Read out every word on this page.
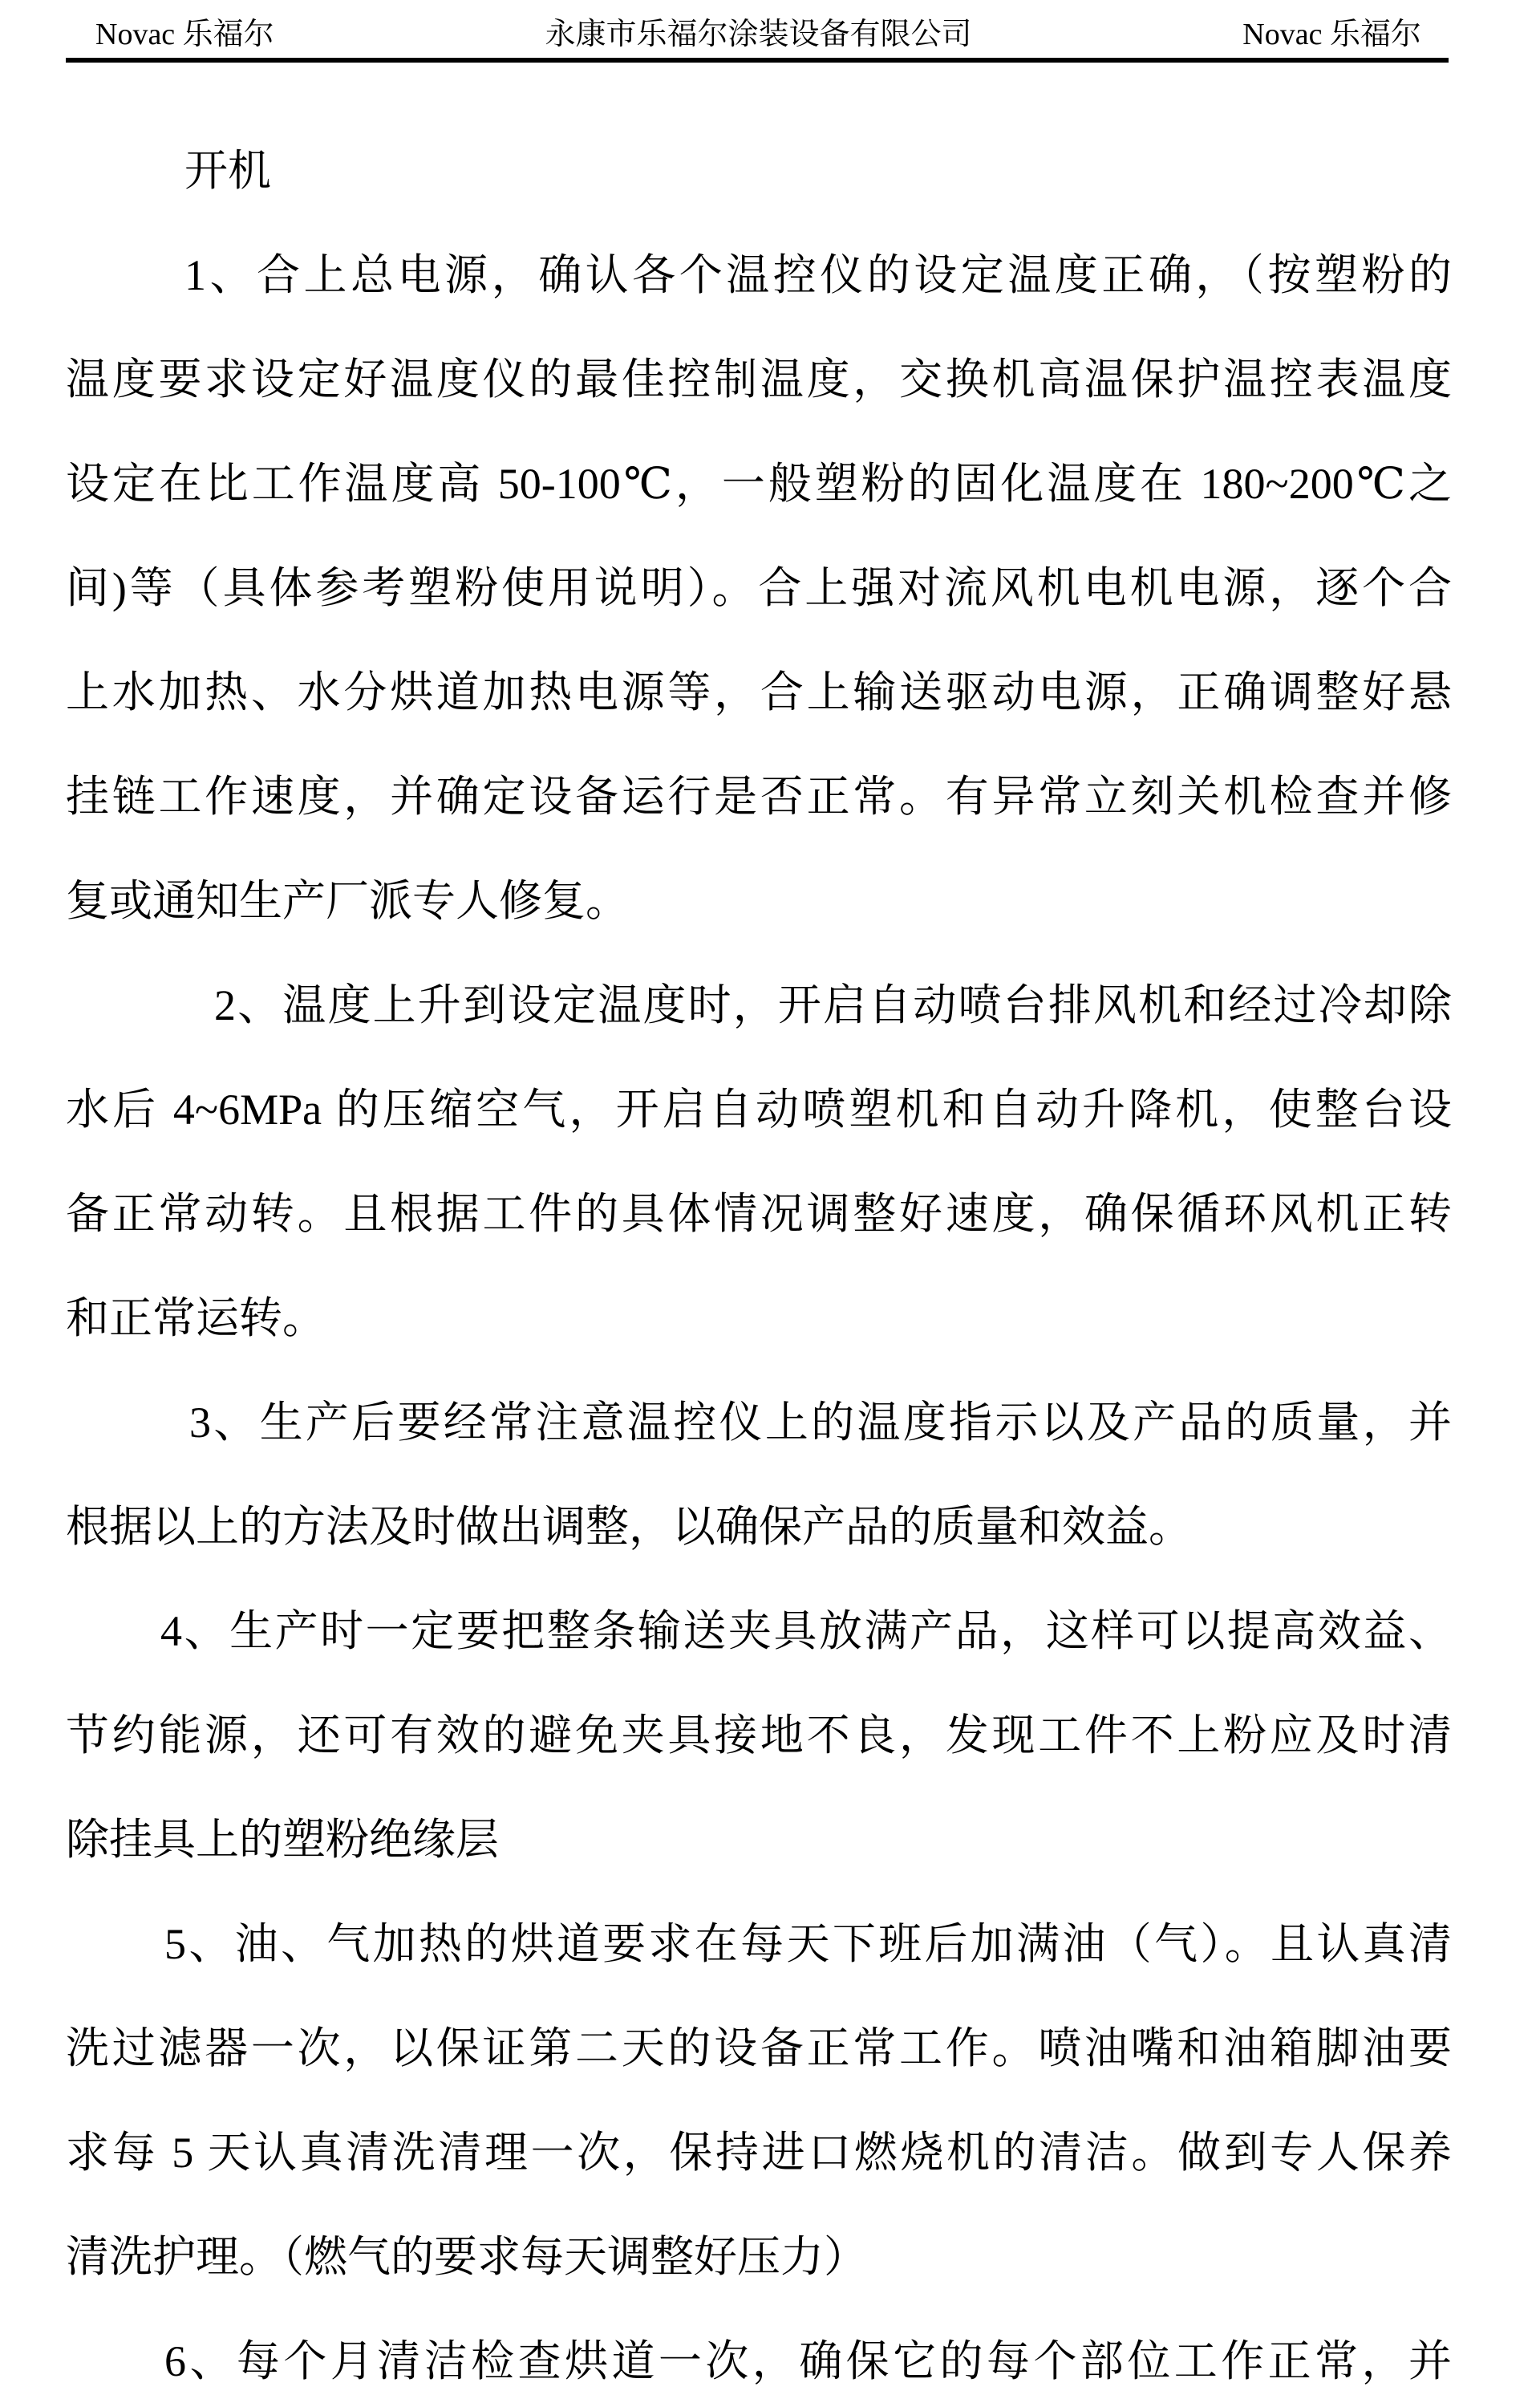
Novac 乐福尔	永康市乐福尔涂装设备有限公司	Novac 乐福尔
开机
1、合上总电源，确认各个温控仪的设定温度正确，（按塑粉的
温度要求设定好温度仪的最佳控制温度，交换机高温保护温控表温度
设定在比工作温度高 50-100℃，一般塑粉的固化温度在 180~200℃之
间)等（具体参考塑粉使用说明）。合上强对流风机电机电源，逐个合
上水加热、水分烘道加热电源等，合上输送驱动电源，正确调整好悬
挂链工作速度，并确定设备运行是否正常。有异常立刻关机检查并修
复或通知生产厂派专人修复。
2、温度上升到设定温度时，开启自动喷台排风机和经过冷却除
水后 4~6MPa 的压缩空气，开启自动喷塑机和自动升降机，使整台设
备正常动转。且根据工件的具体情况调整好速度，确保循环风机正转
和正常运转。
3、生产后要经常注意温控仪上的温度指示以及产品的质量，并
根据以上的方法及时做出调整，以确保产品的质量和效益。
4、生产时一定要把整条输送夹具放满产品，这样可以提高效益、
节约能源，还可有效的避免夹具接地不良，发现工件不上粉应及时清
除挂具上的塑粉绝缘层
5、油、气加热的烘道要求在每天下班后加满油（气）。且认真清
洗过滤器一次，以保证第二天的设备正常工作。喷油嘴和油箱脚油要
求每 5 天认真清洗清理一次，保持进口燃烧机的清洁。做到专人保养
清洗护理。（燃气的要求每天调整好压力）
6、每个月清洁检查烘道一次，确保它的每个部位工作正常，并
